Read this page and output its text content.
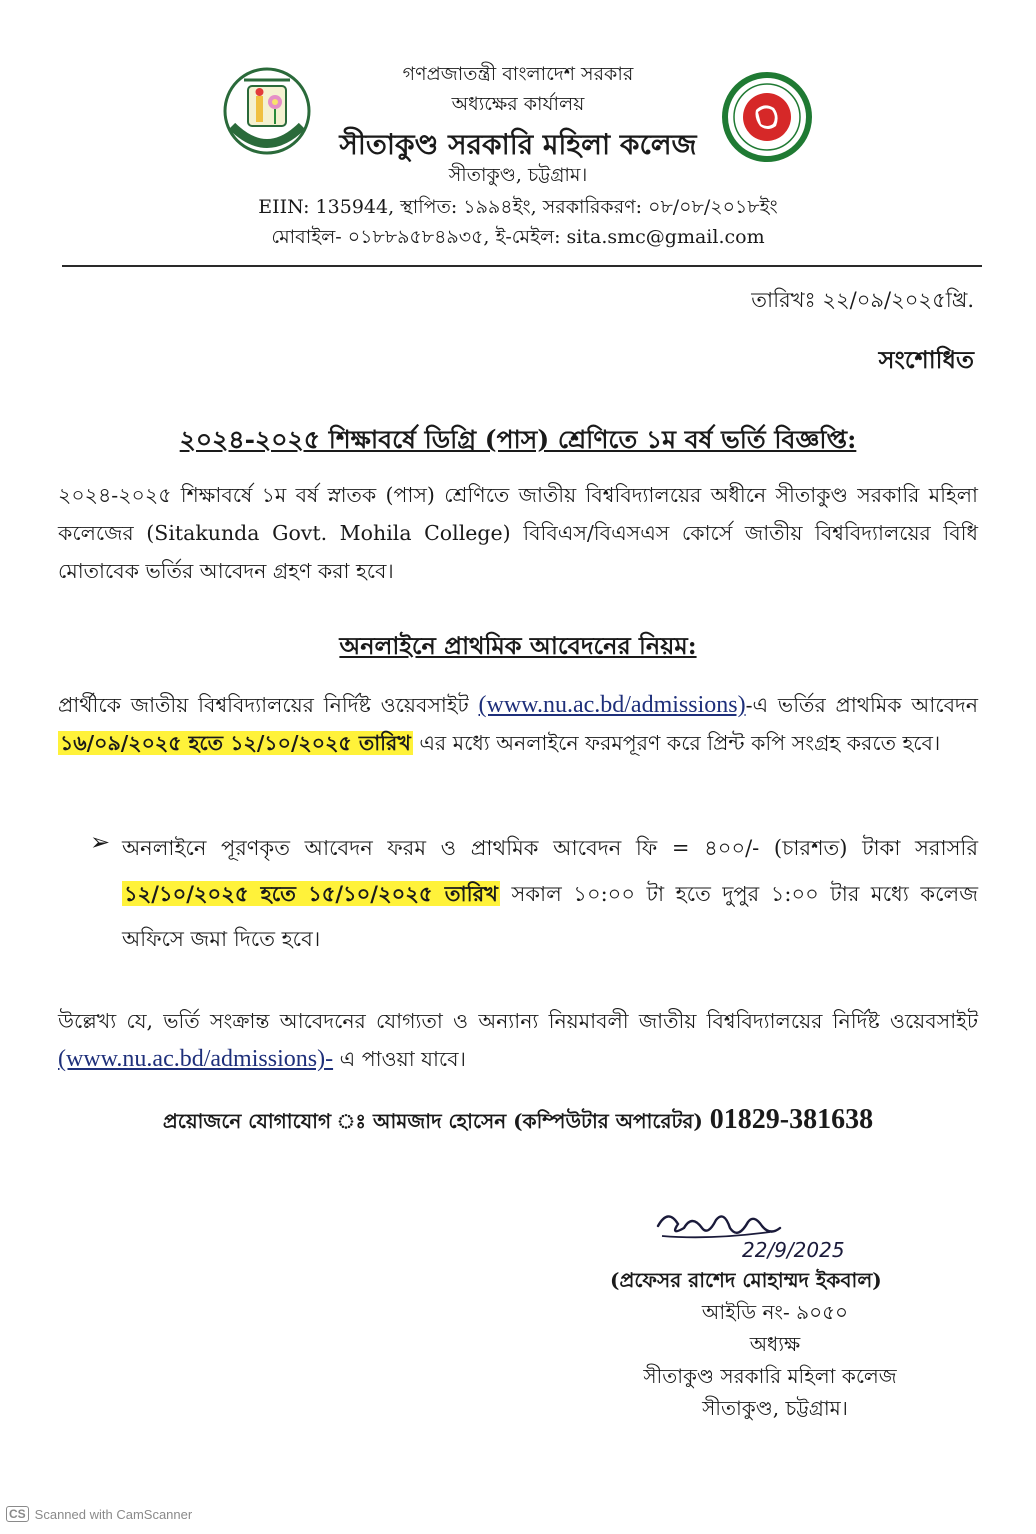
গণপ্রজাতন্ত্রী বাংলাদেশ সরকার
অধ্যক্ষের কার্যালয়
সীতাকুণ্ড সরকারি মহিলা কলেজ
সীতাকুণ্ড, চট্টগ্রাম।
EIIN: 135944, স্থাপিত: ১৯৯৪ইং, সরকারিকরণ: ০৮/০৮/২০১৮ইং
মোবাইল- ০১৮৮৯৫৮৪৯৩৫, ই-মেইল: sita.smc@gmail.com
তারিখঃ ২২/০৯/২০২৫খ্রি.
সংশোধিত
২০২৪-২০২৫ শিক্ষাবর্ষে ডিগ্রি (পাস) শ্রেণিতে ১ম বর্ষ ভর্তি বিজ্ঞপ্তি:
২০২৪-২০২৫ শিক্ষাবর্ষে ১ম বর্ষ স্নাতক (পাস) শ্রেণিতে জাতীয় বিশ্ববিদ্যালয়ের অধীনে সীতাকুণ্ড সরকারি মহিলা কলেজের (Sitakunda Govt. Mohila College) বিবিএস/বিএসএস কোর্সে জাতীয় বিশ্ববিদ্যালয়ের বিধি মোতাবেক ভর্তির আবেদন গ্রহণ করা হবে।
অনলাইনে প্রাথমিক আবেদনের নিয়ম:
প্রার্থীকে জাতীয় বিশ্ববিদ্যালয়ের নির্দিষ্ট ওয়েবসাইট (www.nu.ac.bd/admissions)-এ ভর্তির প্রাথমিক আবেদন ১৬/০৯/২০২৫ হতে ১২/১০/২০২৫ তারিখ এর মধ্যে অনলাইনে ফরমপূরণ করে প্রিন্ট কপি সংগ্রহ করতে হবে।
➢ অনলাইনে পূরণকৃত আবেদন ফরম ও প্রাথমিক আবেদন ফি = ৪০০/- (চারশত) টাকা সরাসরি ১২/১০/২০২৫ হতে ১৫/১০/২০২৫ তারিখ সকাল ১০:০০ টা হতে দুপুর ১:০০ টার মধ্যে কলেজ অফিসে জমা দিতে হবে।
উল্লেখ্য যে, ভর্তি সংক্রান্ত আবেদনের যোগ্যতা ও অন্যান্য নিয়মাবলী জাতীয় বিশ্ববিদ্যালয়ের নির্দিষ্ট ওয়েবসাইট (www.nu.ac.bd/admissions)- এ পাওয়া যাবে।
প্রয়োজনে যোগাযোগ ঃ আমজাদ হোসেন (কম্পিউটার অপারেটর) 01829-381638
22/9/2025
(প্রফেসর রাশেদ মোহাম্মদ ইকবাল)
আইডি নং- ৯০৫০
অধ্যক্ষ
সীতাকুণ্ড সরকারি মহিলা কলেজ
সীতাকুণ্ড, চট্টগ্রাম।
CS Scanned with CamScanner
